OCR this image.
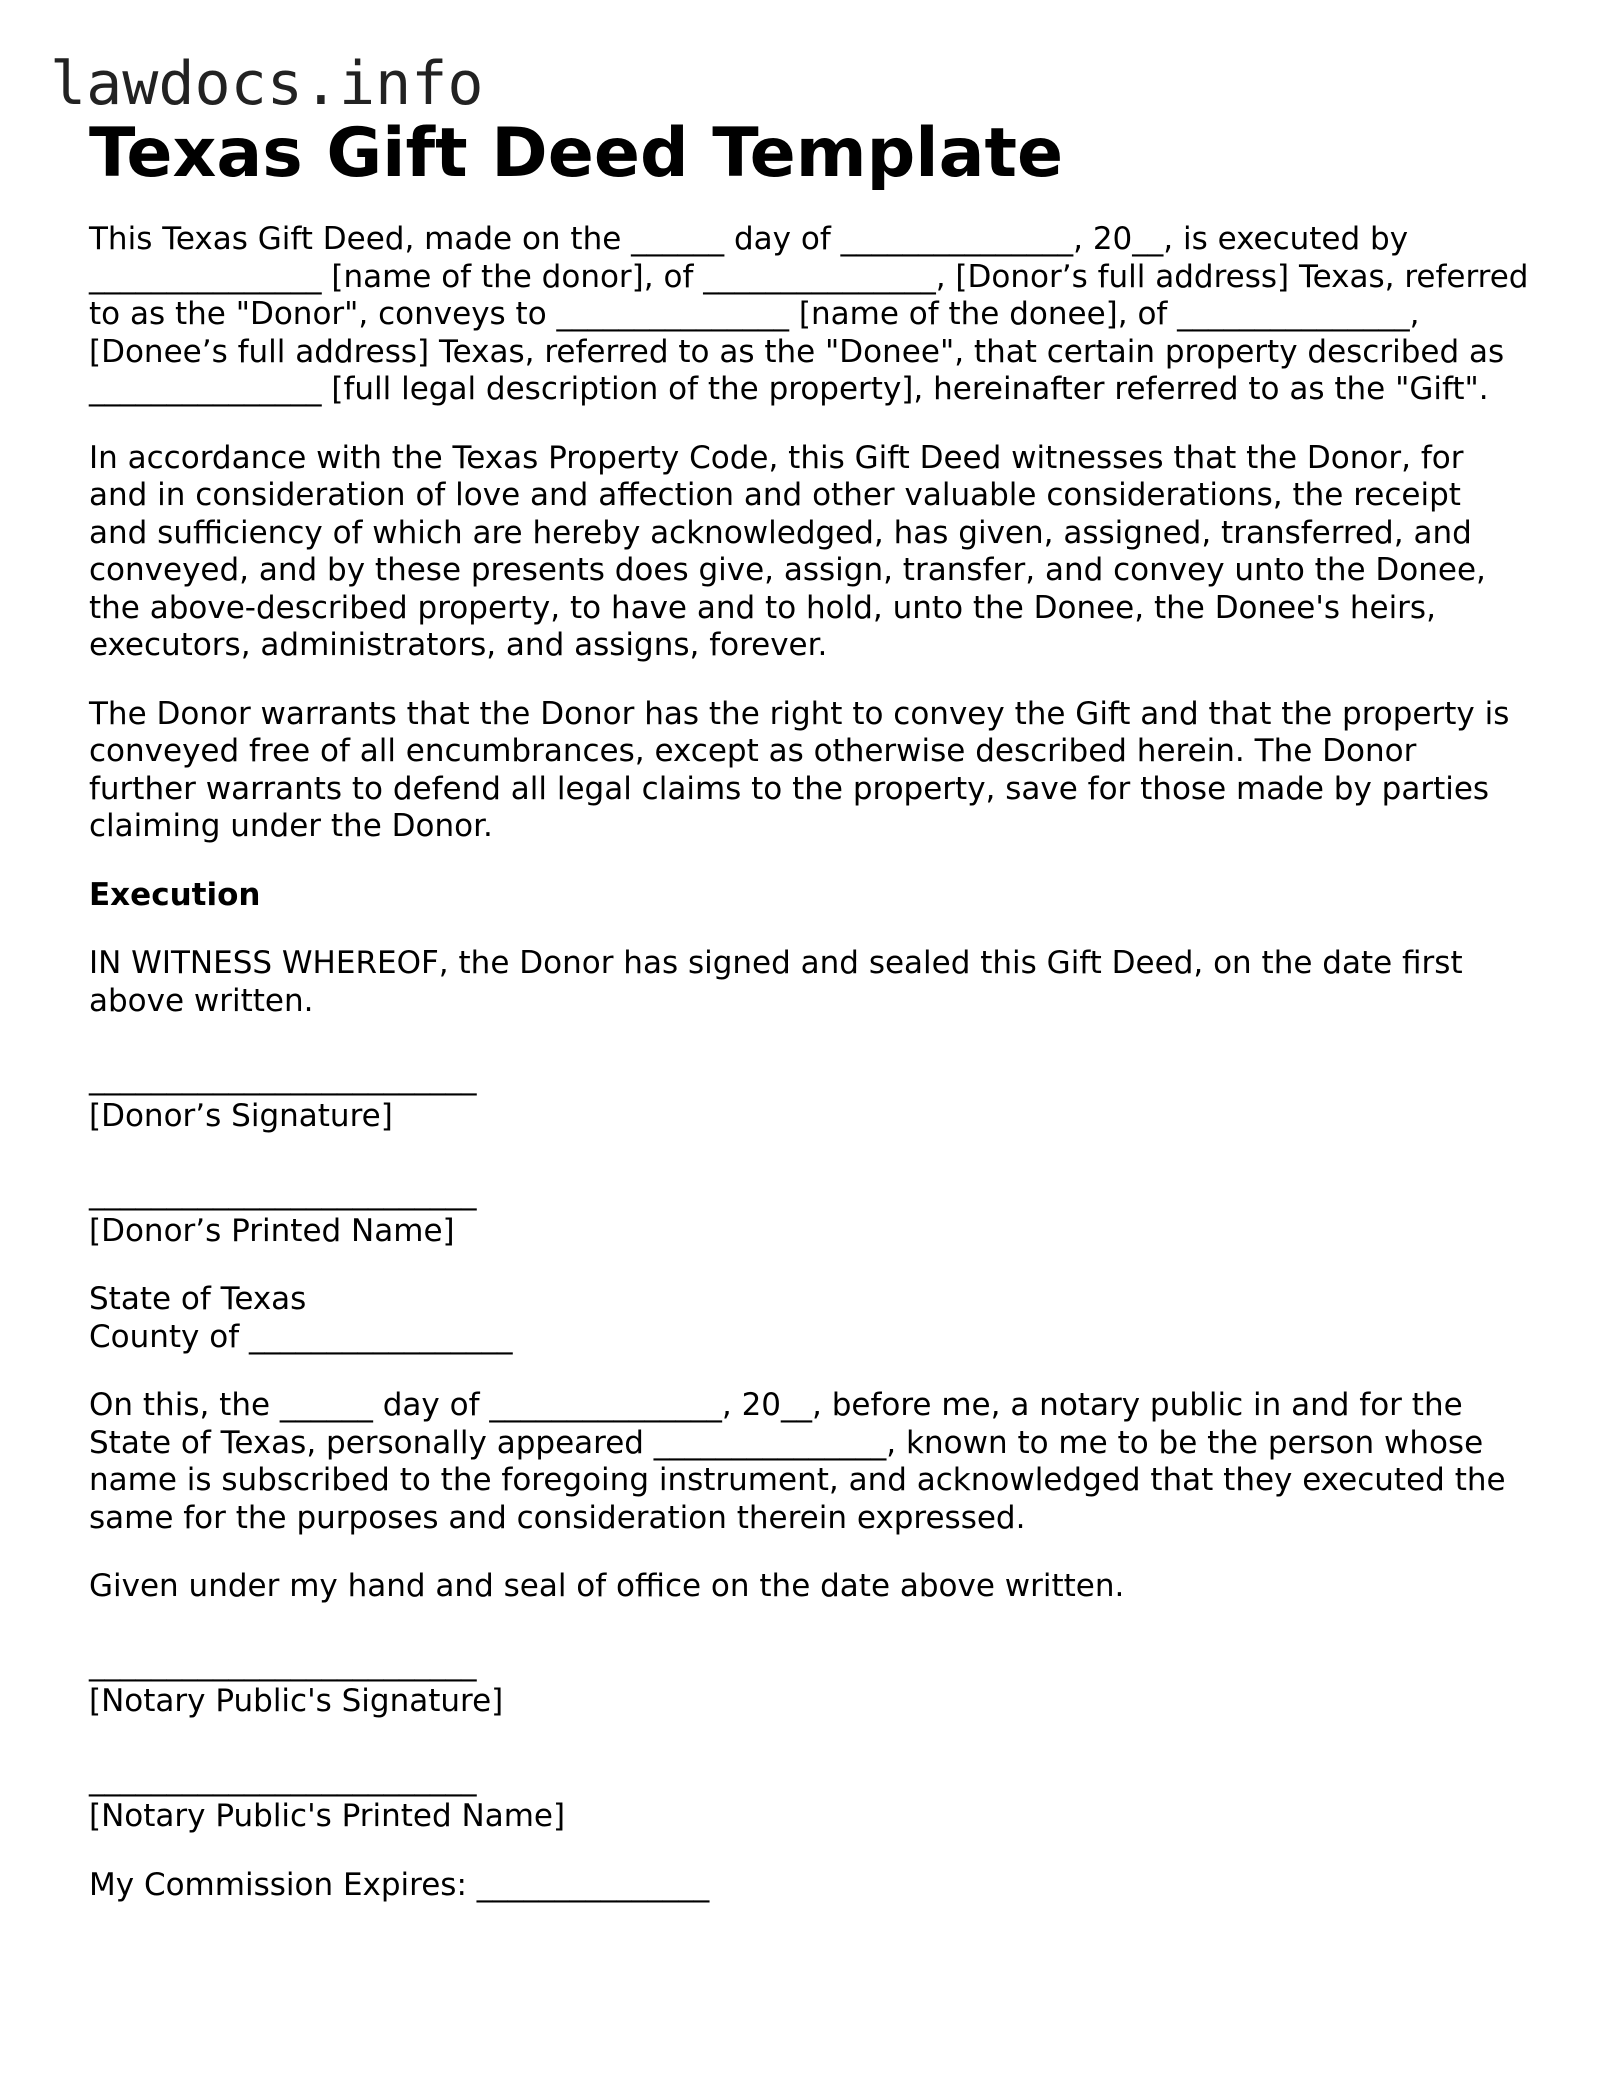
lawdocs.info
Texas Gift Deed Template

This Texas Gift Deed, made on the ______ day of _______________, 20__, is executed by _______________ [name of the donor], of _______________, [Donor’s full address] Texas, referred to as the "Donor", conveys to _______________ [name of the donee], of _______________, [Donee’s full address] Texas, referred to as the "Donee", that certain property described as _______________ [full legal description of the property], hereinafter referred to as the "Gift".

In accordance with the Texas Property Code, this Gift Deed witnesses that the Donor, for and in consideration of love and affection and other valuable considerations, the receipt and sufficiency of which are hereby acknowledged, has given, assigned, transferred, and conveyed, and by these presents does give, assign, transfer, and convey unto the Donee, the above-described property, to have and to hold, unto the Donee, the Donee's heirs, executors, administrators, and assigns, forever.

The Donor warrants that the Donor has the right to convey the Gift and that the property is conveyed free of all encumbrances, except as otherwise described herein. The Donor further warrants to defend all legal claims to the property, save for those made by parties claiming under the Donor.

Execution

IN WITNESS WHEREOF, the Donor has signed and sealed this Gift Deed, on the date first above written.

_________________________
[Donor’s Signature]
_________________________
[Donor’s Printed Name]
State of Texas
County of _________________

On this, the ______ day of _______________, 20__, before me, a notary public in and for the State of Texas, personally appeared _______________, known to me to be the person whose name is subscribed to the foregoing instrument, and acknowledged that they executed the same for the purposes and consideration therein expressed.

Given under my hand and seal of office on the date above written.

_________________________
[Notary Public's Signature]
_________________________
[Notary Public's Printed Name]
My Commission Expires: _______________
